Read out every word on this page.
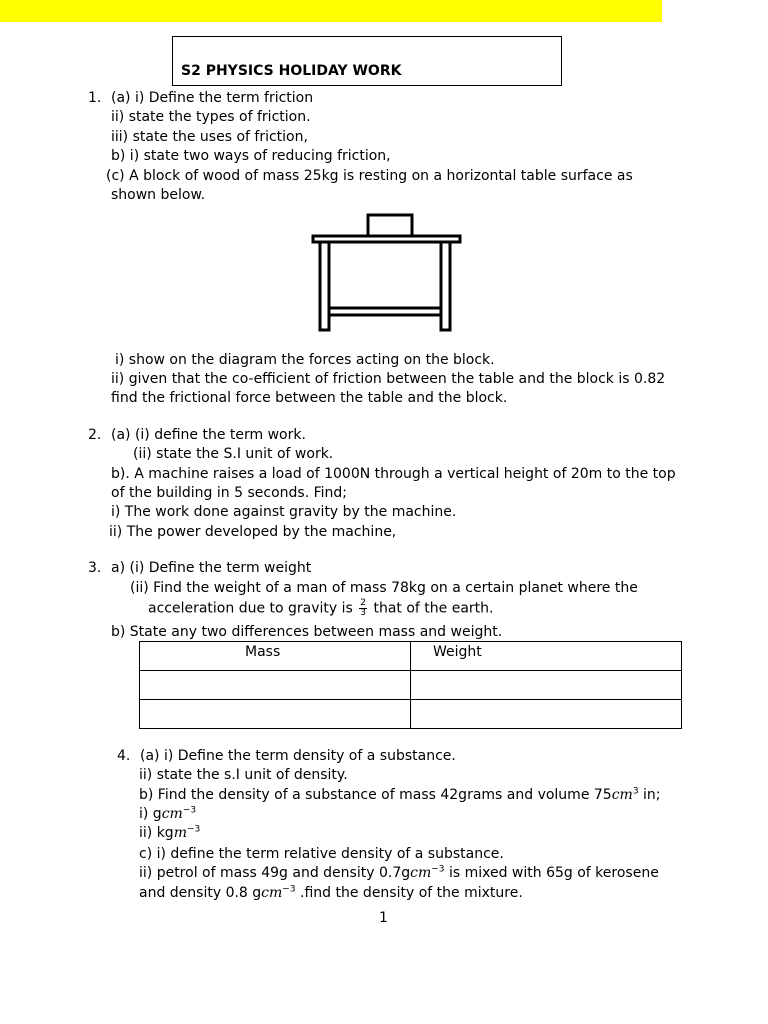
S2 PHYSICS HOLIDAY WORK
1. (a) i) Define the term friction
ii) state the types of friction.
iii) state the uses of friction,
b) i) state two ways of reducing friction,
(c) A block of wood of mass 25kg is resting on a horizontal table surface as
shown below.
i) show on the diagram the forces acting on the block.
ii) given that the co-efficient of friction between the table and the block is 0.82
find the frictional force between the table and the block.
2. (a) (i) define the term work.
(ii) state the S.I unit of work.
b). A machine raises a load of 1000N through a vertical height of 20m to the top
of the building in 5 seconds. Find;
i) The work done against gravity by the machine.
ii) The power developed by the machine,
3. a) (i) Define the term weight
(ii) Find the weight of a man of mass 78kg on a certain planet where the
acceleration due to gravity is $\frac{2}{3}$ that of the earth.
b) State any two differences between mass and weight.
Mass	Weight

4. (a) i) Define the term density of a substance.
ii) state the s.I unit of density.
b) Find the density of a substance of mass 42grams and volume $75cm^3$ in;
i) gcm$^{-3}$
ii) kgm$^{-3}$
c) i) define the term relative density of a substance.
ii) petrol of mass 49g and density 0.7gcm$^{-3}$ is mixed with 65g of kerosene
and density 0.8 gcm$^{-3}$ .find the density of the mixture.
1
